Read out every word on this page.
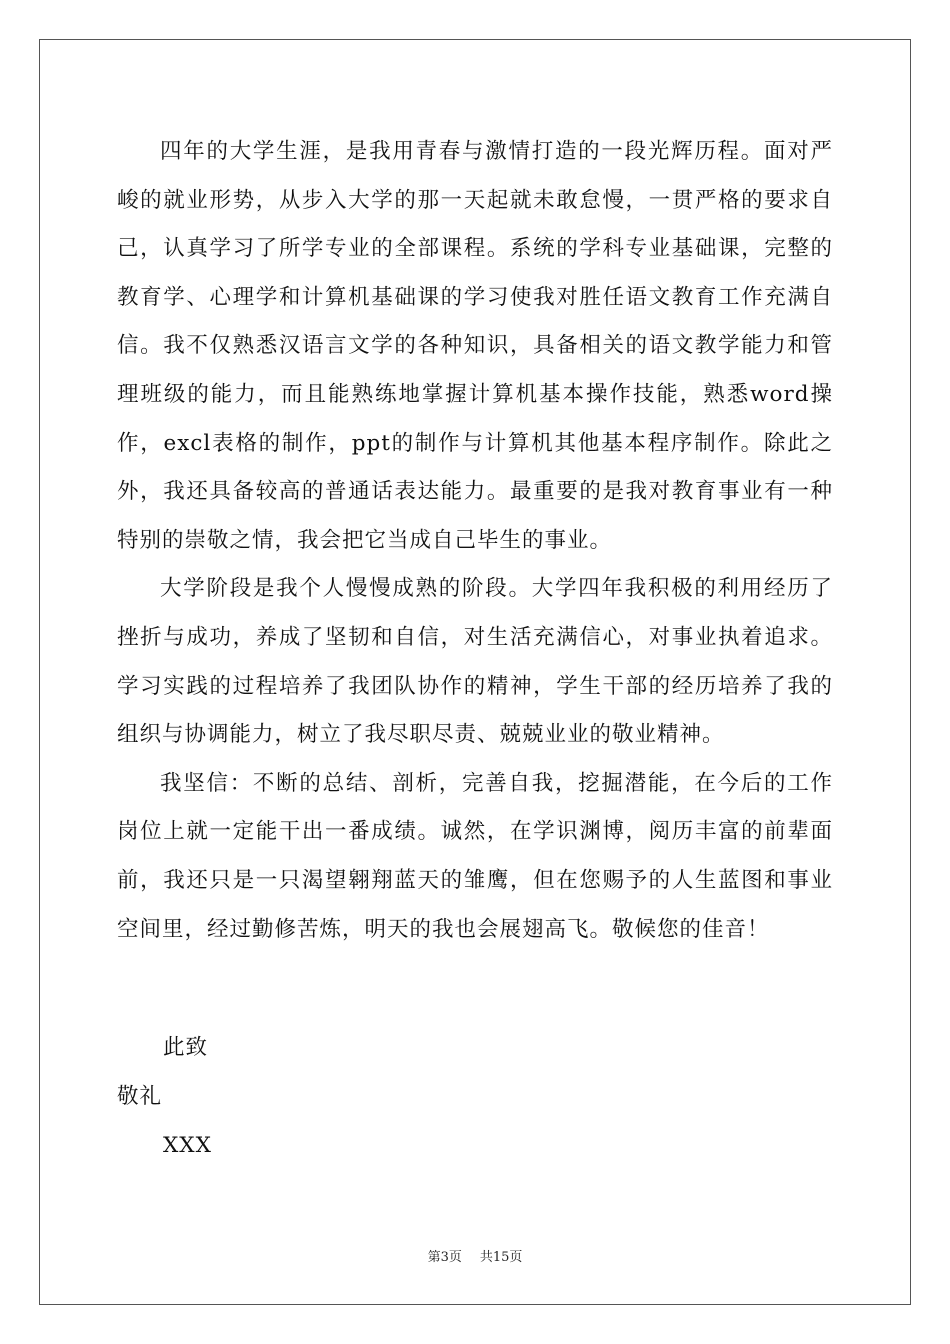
四年的大学生涯，是我用青春与激情打造的一段光辉历程。面对严峻的就业形势，从步入大学的那一天起就未敢怠慢，一贯严格的要求自己，认真学习了所学专业的全部课程。系统的学科专业基础课，完整的教育学、心理学和计算机基础课的学习使我对胜任语文教育工作充满自信。我不仅熟悉汉语言文学的各种知识，具备相关的语文教学能力和管理班级的能力，而且能熟练地掌握计算机基本操作技能，熟悉word操作，excl表格的制作，ppt的制作与计算机其他基本程序制作。除此之外，我还具备较高的普通话表达能力。最重要的是我对教育事业有一种特别的崇敬之情，我会把它当成自己毕生的事业。

大学阶段是我个人慢慢成熟的阶段。大学四年我积极的利用经历了挫折与成功，养成了坚韧和自信，对生活充满信心，对事业执着追求。学习实践的过程培养了我团队协作的精神，学生干部的经历培养了我的组织与协调能力，树立了我尽职尽责、兢兢业业的敬业精神。

我坚信：不断的总结、剖析，完善自我，挖掘潜能，在今后的工作岗位上就一定能干出一番成绩。诚然，在学识渊博，阅历丰富的前辈面前，我还只是一只渴望翱翔蓝天的雏鹰，但在您赐予的人生蓝图和事业空间里，经过勤修苦炼，明天的我也会展翅高飞。敬候您的佳音！

此致
敬礼
XXX
第3页 共15页
